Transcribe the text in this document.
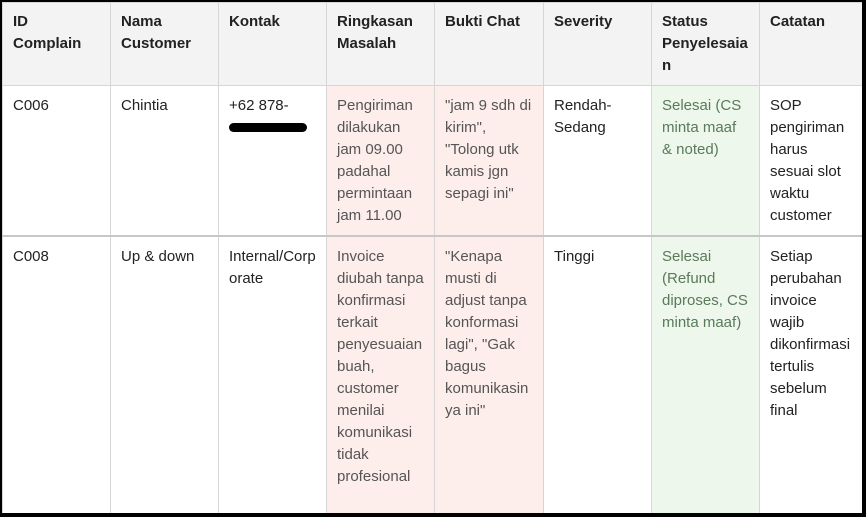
ID Complain	Nama Customer	Kontak	Ringkasan Masalah	Bukti Chat	Severity	Status Penyelesaian	Catatan
C006	Chintia	+62 878-	Pengiriman dilakukan jam 09.00 padahal permintaan jam 11.00	"jam 9 sdh di kirim", "Tolong utk kamis jgn sepagi ini"	Rendah-Sedang	Selesai (CS minta maaf & noted)	SOP pengiriman harus sesuai slot waktu customer
C008	Up & down	Internal/Corporate	Invoice diubah tanpa konfirmasi terkait penyesuaian buah, customer menilai komunikasi tidak profesional	"Kenapa musti di adjust tanpa konformasi lagi", "Gak bagus komunikasinya ini"	Tinggi	Selesai (Refund diproses, CS minta maaf)	Setiap perubahan invoice wajib dikonfirmasi tertulis sebelum final
